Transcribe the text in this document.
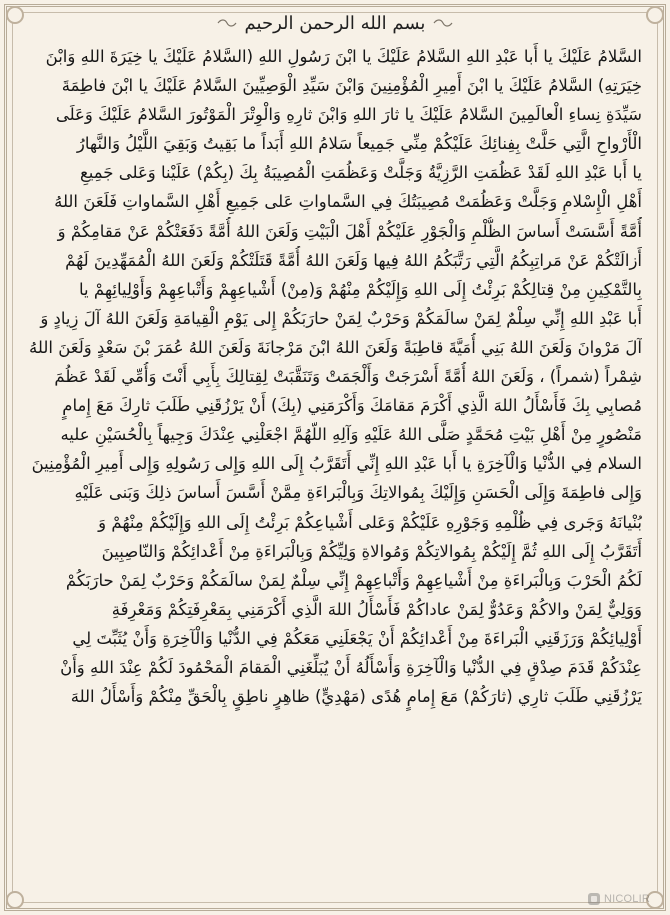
بسم الله الرحمن الرحیم
السَّلامُ عَلَيْكَ يا أَبا عَبْدِ اللهِ السَّلامُ عَلَيْكَ يا ابْنَ رَسُولِ اللهِ (السَّلامُ عَلَيْكَ يا خِيَرَةَ اللهِ وَابْنَ
خِيَرَتِهِ) السَّلامُ عَلَيْكَ يا ابْنَ أَمِيرِ الْمُؤْمِنِينَ وَابْنَ سَيِّدِ الْوَصِيِّينَ السَّلامُ عَلَيْكَ يا ابْنَ فاطِمَةَ
سَيِّدَةِ نِساءِ الْعالَمِينَ السَّلامُ عَلَيْكَ يا ثارَ اللهِ وَابْنَ ثارِهِ وَالْوِتْرَ الْمَوْتُورَ السَّلامُ عَلَيْكَ وَعَلَى
الْأَرْواحِ الَّتِي حَلَّتْ بِفِنائِكَ عَلَيْكُمْ مِنِّي جَمِيعاً سَلامُ اللهِ أَبَداً ما بَقِيتُ وَبَقِيَ اللَّيْلُ وَالنَّهارُ
يا أَبا عَبْدِ اللهِ لَقَدْ عَظُمَتِ الرَّزِيَّةُ وَجَلَّتْ وَعَظُمَتِ الْمُصِيبَةُ بِكَ (بِكُمْ) عَلَيْنا وَعَلى جَمِيعِ
أَهْلِ الْإِسْلامِ وَجَلَّتْ وَعَظُمَتْ مُصِيبَتُكَ فِي السَّماواتِ عَلى جَمِيعِ أَهْلِ السَّماواتِ فَلَعَنَ اللهُ
أُمَّةً أَسَّسَتْ أَساسَ الظُّلْمِ وَالْجَوْرِ عَلَيْكُمْ أَهْلَ الْبَيْتِ وَلَعَنَ اللهُ أُمَّةً دَفَعَتْكُمْ عَنْ مَقامِكُمْ وَ
أَزالَتْكُمْ عَنْ مَراتِبِكُمُ الَّتِي رَتَّبَكُمُ اللهُ فِيها وَلَعَنَ اللهُ أُمَّةً قَتَلَتْكُمْ وَلَعَنَ اللهُ الْمُمَهِّدِينَ لَهُمْ
بِالتَّمْكِينِ مِنْ قِتالِكُمْ بَرِئْتُ إِلَى اللهِ وَإِلَيْكُمْ مِنْهُمْ وَ(مِنْ) أَشْياعِهِمْ وَأَتْباعِهِمْ وَأَوْلِيائِهِمْ يا
أَبا عَبْدِ اللهِ إِنِّي سِلْمٌ لِمَنْ سالَمَكُمْ وَحَرْبٌ لِمَنْ حارَبَكُمْ إِلى يَوْمِ الْقِيامَةِ وَلَعَنَ اللهُ آلَ زِيادٍ وَ
آلَ مَرْوانَ وَلَعَنَ اللهُ بَنِي أُمَيَّةَ قاطِبَةً وَلَعَنَ اللهُ ابْنَ مَرْجانَةَ وَلَعَنَ اللهُ عُمَرَ بْنَ سَعْدٍ وَلَعَنَ اللهُ
شِمْراً (شمراً) ، وَلَعَنَ اللهُ أُمَّةً أَسْرَجَتْ وَأَلْجَمَتْ وَتَنَقَّبَتْ لِقِتالِكَ بِأَبِي أَنْتَ وَأُمِّي لَقَدْ عَظُمَ
مُصابِي بِكَ فَأَسْأَلُ اللهَ الَّذِي أَكْرَمَ مَقامَكَ وَأَكْرَمَنِي (بِكَ) أَنْ يَرْزُقَنِي طَلَبَ ثارِكَ مَعَ إِمامٍ
مَنْصُورٍ مِنْ أَهْلِ بَيْتِ مُحَمَّدٍ صَلَّى اللهُ عَلَيْهِ وَآلِهِ اللّهُمَّ اجْعَلْنِي عِنْدَكَ وَجِيهاً بِالْحُسَيْنِ عليه
السلام فِي الدُّنْيا وَالْآخِرَةِ يا أَبا عَبْدِ اللهِ إِنِّي أَتَقَرَّبُ إِلَى اللهِ وَإِلى رَسُولِهِ وَإِلى أَمِيرِ الْمُؤْمِنِينَ
وَإِلى فاطِمَةَ وَإِلَى الْحَسَنِ وَإِلَيْكَ بِمُوالاتِكَ وَبِالْبَراءَةِ مِمَّنْ أَسَّسَ أَساسَ ذلِكَ وَبَنى عَلَيْهِ
بُنْيانَهُ وَجَرى فِي ظُلْمِهِ وَجَوْرِهِ عَلَيْكُمْ وَعَلى أَشْياعِكُمْ بَرِئْتُ إِلَى اللهِ وَإِلَيْكُمْ مِنْهُمْ وَ
أَتَقَرَّبُ إِلَى اللهِ ثُمَّ إِلَيْكُمْ بِمُوالاتِكُمْ وَمُوالاةِ وَلِيِّكُمْ وَبِالْبَراءَةِ مِنْ أَعْدائِكُمْ وَالنّاصِبِينَ
لَكُمُ الْحَرْبَ وَبِالْبَراءَةِ مِنْ أَشْياعِهِمْ وَأَتْباعِهِمْ إِنِّي سِلْمٌ لِمَنْ سالَمَكُمْ وَحَرْبٌ لِمَنْ حارَبَكُمْ
وَوَلِيٌّ لِمَنْ والاكُمْ وَعَدُوٌّ لِمَنْ عاداكُمْ فَأَسْأَلُ اللهَ الَّذِي أَكْرَمَنِي بِمَعْرِفَتِكُمْ وَمَعْرِفَةِ
أَوْلِيائِكُمْ وَرَزَقَنِي الْبَراءَةَ مِنْ أَعْدائِكُمْ أَنْ يَجْعَلَنِي مَعَكُمْ فِي الدُّنْيا وَالْآخِرَةِ وَأَنْ يُثَبِّتَ لِي
عِنْدَكُمْ قَدَمَ صِدْقٍ فِي الدُّنْيا وَالْآخِرَةِ وَأَسْأَلُهُ أَنْ يُبَلِّغَنِي الْمَقامَ الْمَحْمُودَ لَكُمْ عِنْدَ اللهِ وَأَنْ
يَرْزُقَنِي طَلَبَ ثارِي (ثارَكُمْ) مَعَ إِمامٍ هُدًى (مَهْدِيٍّ) ظاهِرٍ ناطِقٍ بِالْحَقِّ مِنْكُمْ وَأَسْأَلُ اللهَ
NICOLIR
